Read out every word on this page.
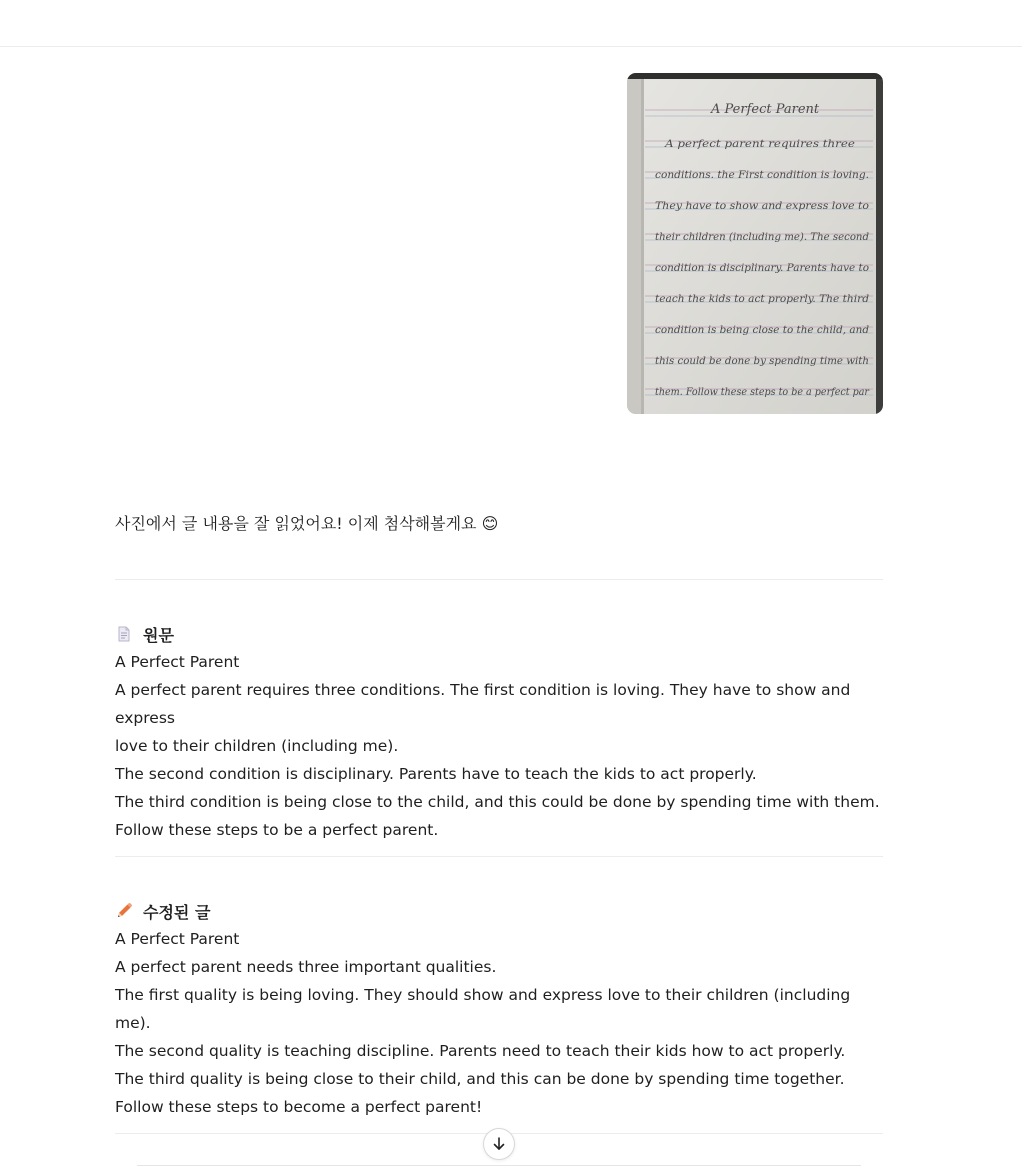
A Perfect Parent
A perfect parent requires three
conditions. the First condition is loving.
They have to show and express love to
their children (including me). The second
condition is disciplinary. Parents have to
teach the kids to act properly. The third
condition is being close to the child, and
this could be done by spending time with
them. Follow these steps to be a perfect par
사진에서 글 내용을 잘 읽었어요! 이제 첨삭해볼게요 😊
원문

A Perfect Parent

A perfect parent requires three conditions. The first condition is loving. They have to show and express

love to their children (including me).

The second condition is disciplinary. Parents have to teach the kids to act properly.

The third condition is being close to the child, and this could be done by spending time with them.

Follow these steps to be a perfect parent.

수정된 글

A Perfect Parent

A perfect parent needs three important qualities.

The first quality is being loving. They should show and express love to their children (including me).

The second quality is teaching discipline. Parents need to teach their kids how to act properly.

The third quality is being close to their child, and this can be done by spending time together.

Follow these steps to become a perfect parent!
